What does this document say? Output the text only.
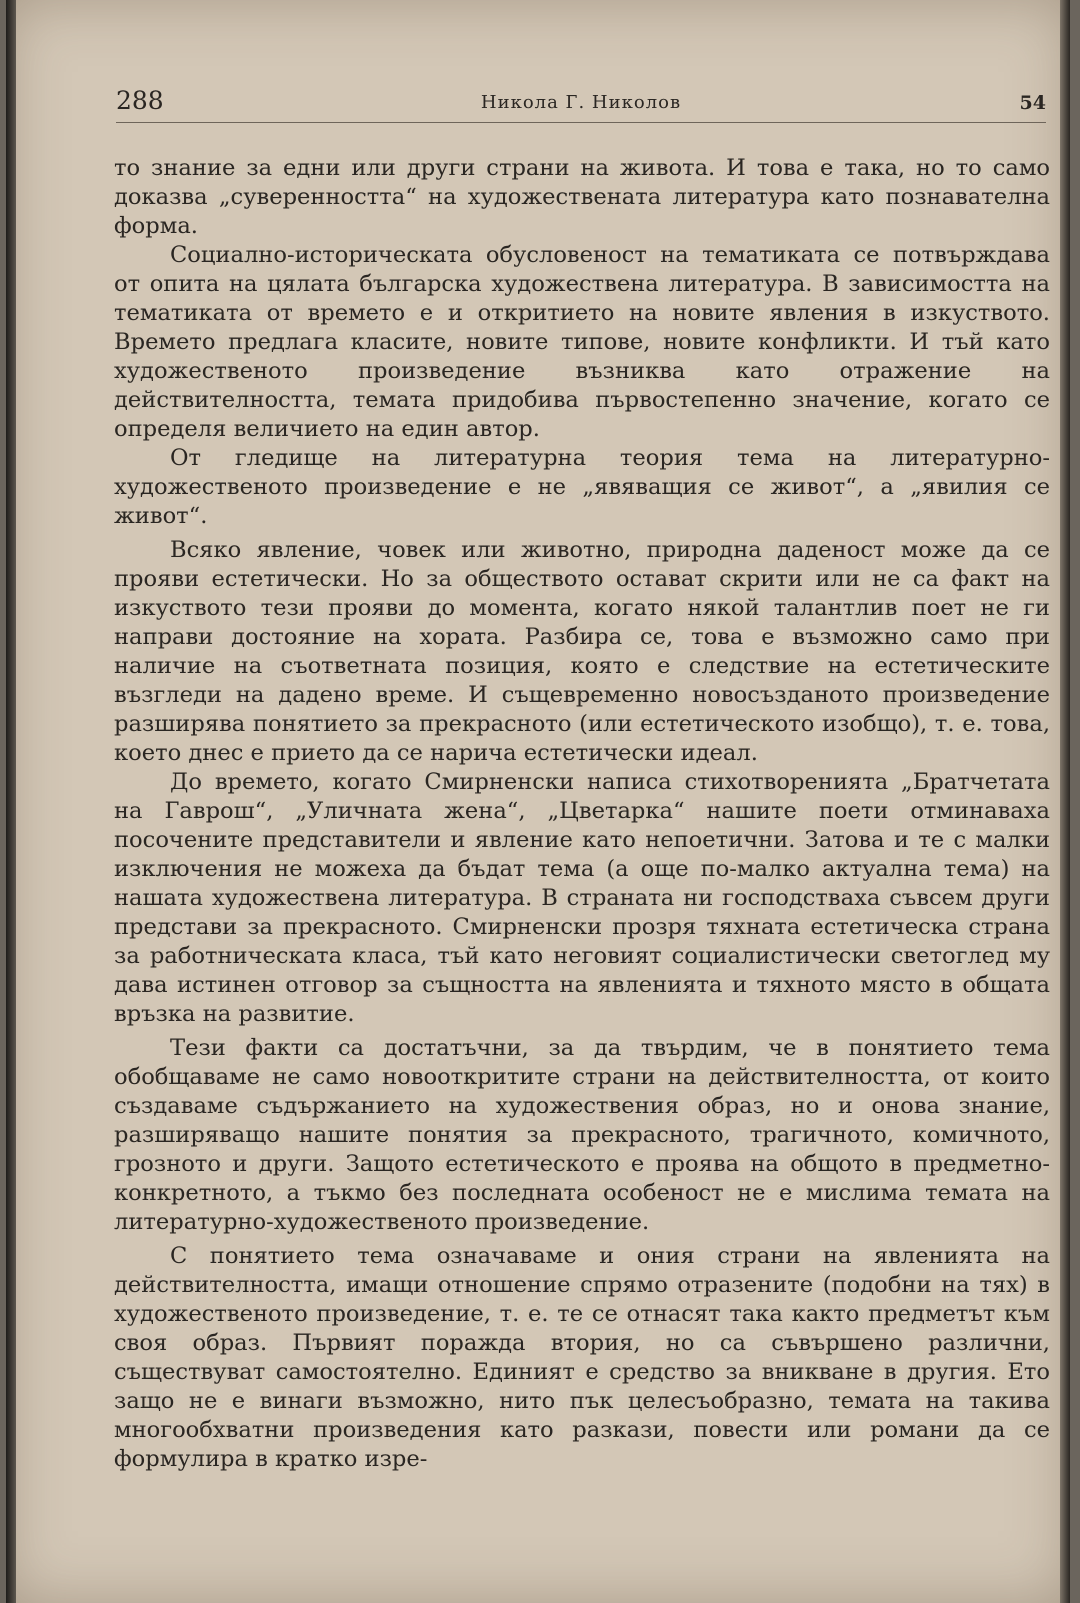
288	Никола Г. Николов	54

то знание за едни или други страни на живота. И това е така, но то само доказва „суверенността“ на художествената литература като познавателна форма.

Социално-историческата обусловеност на тематиката се потвърждава от опита на цялата българска художествена литература. В зависимостта на тематиката от времето е и откритието на новите явления в изкуството. Времето предлага класите, новите типове, новите конфликти. И тъй като художественото произведение възниква като отражение на действителността, темата придобива първостепенно значение, когато се определя величието на един автор.

От гледище на литературна теория тема на литературно-художественото произведение е не „явяващия се живот“, а „явилия се живот“.

Всяко явление, човек или животно, природна даденост може да се прояви естетически. Но за обществото остават скрити или не са факт на изкуството тези прояви до момента, когато някой талантлив поет не ги направи достояние на хората. Разбира се, това е възможно само при наличие на съответната позиция, която е следствие на естетическите възгледи на дадено време. И същевременно новосъзданото произведение разширява понятието за прекрасното (или естетическото изобщо), т. е. това, което днес е прието да се нарича естетически идеал.

До времето, когато Смирненски написа стихотворенията „Братчетата на Гаврош“, „Уличната жена“, „Цветарка“ нашите поети отминаваха посочените представители и явление като непоетични. Затова и те с малки изключения не можеха да бъдат тема (а още по-малко актуална тема) на нашата художествена литература. В страната ни господстваха съвсем други представи за прекрасното. Смирненски прозря тяхната естетическа страна за работническата класа, тъй като неговият социалистически светоглед му дава истинен отговор за същността на явленията и тяхното място в общата връзка на развитие.

Тези факти са достатъчни, за да твърдим, че в понятието тема обобщаваме не само новооткритите страни на действителността, от които създаваме съдържанието на художествения образ, но и онова знание, разширяващо нашите понятия за прекрасното, трагичното, комичното, грозното и други. Защото естетическото е проява на общото в предметно-конкретното, а тъкмо без последната особеност не е мислима темата на литературно-художественото произведение.

С понятието тема означаваме и ония страни на явленията на действителността, имащи отношение спрямо отразените (подобни на тях) в художественото произведение, т. е. те се отнасят така както предметът към своя образ. Първият поражда втория, но са съвършено различни, съществуват самостоятелно. Единият е средство за вникване в другия. Ето защо не е винаги възможно, нито пък целесъобразно, темата на такива многообхватни произведения като разкази, повести или романи да се формулира в кратко изре-
